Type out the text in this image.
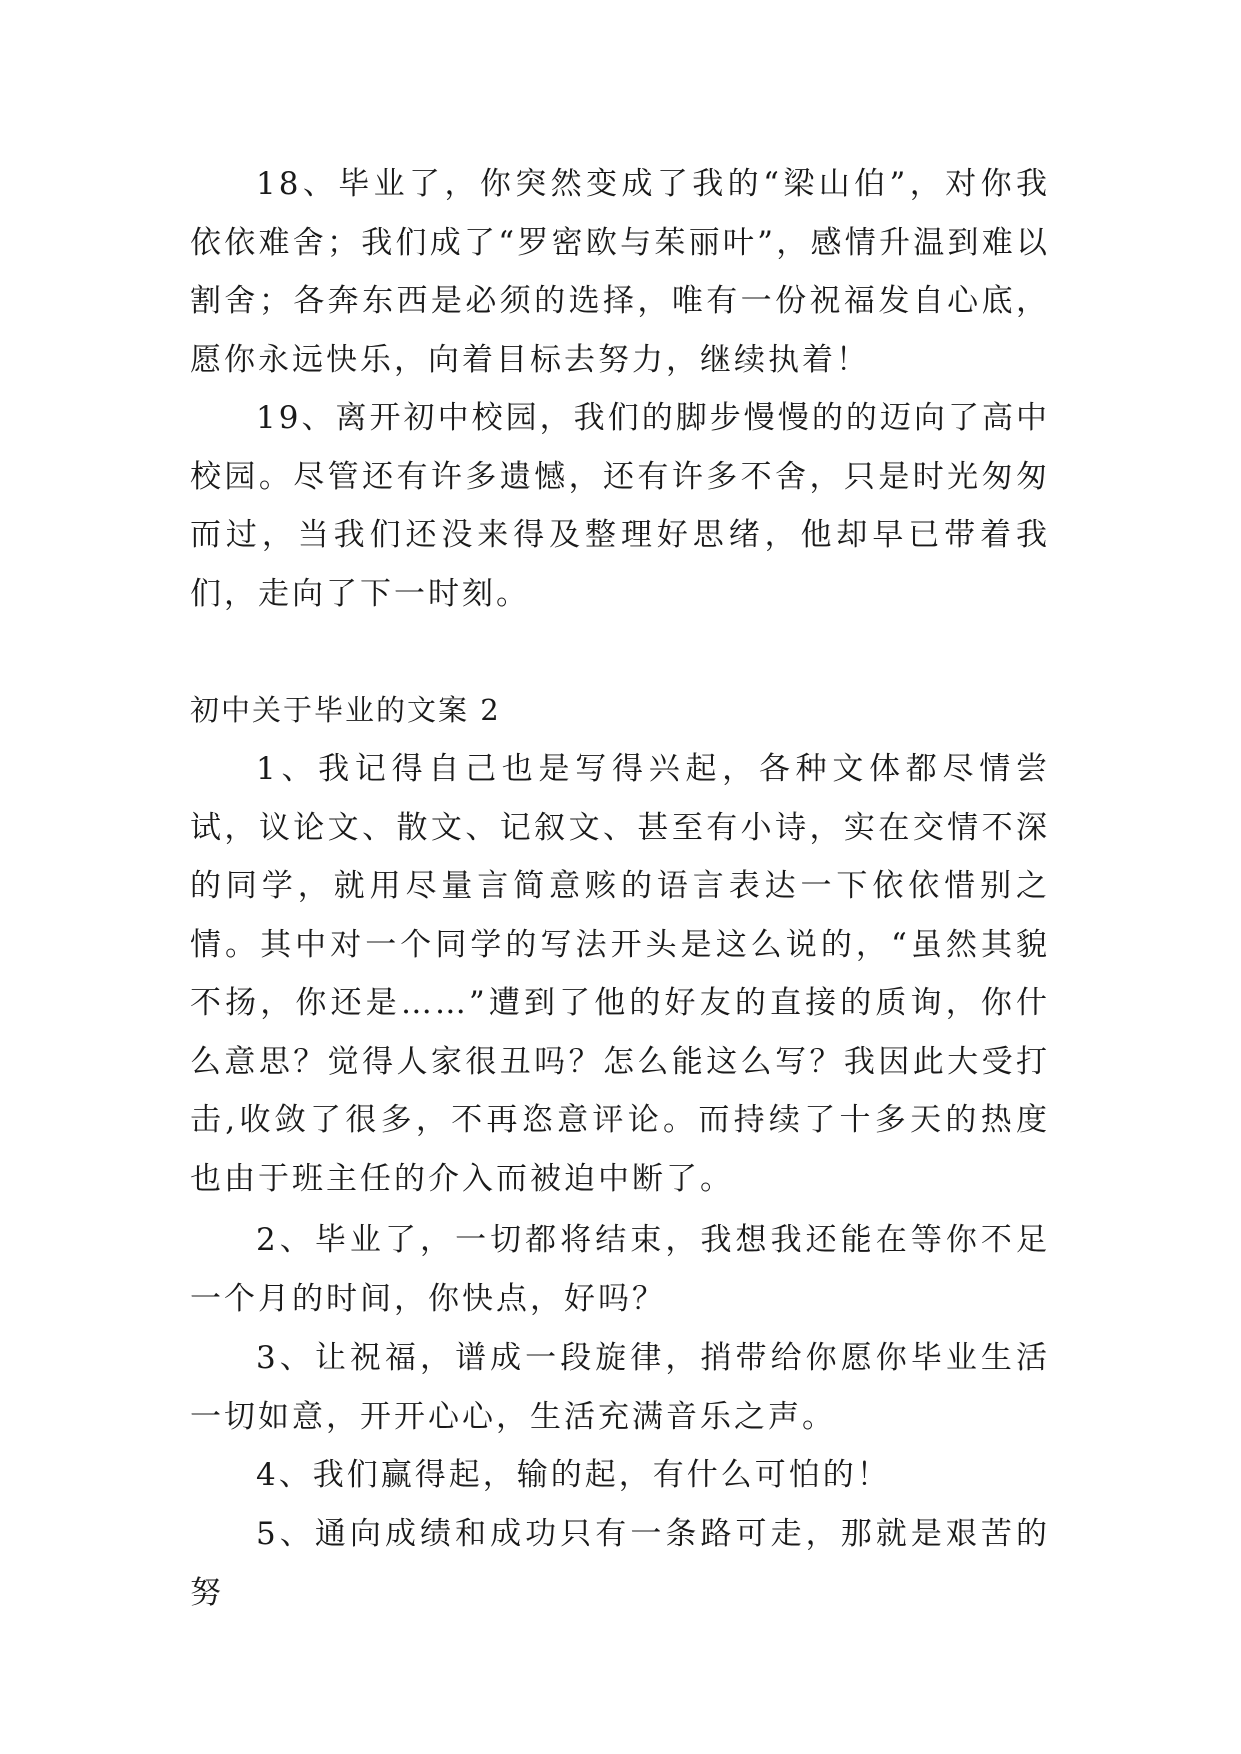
18、毕业了，你突然变成了我的“梁山伯”，对你我依依难舍；我们成了“罗密欧与茱丽叶”，感情升温到难以割舍；各奔东西是必须的选择，唯有一份祝福发自心底，愿你永远快乐，向着目标去努力，继续执着！

19、离开初中校园，我们的脚步慢慢的的迈向了高中校园。尽管还有许多遗憾，还有许多不舍，只是时光匆匆而过，当我们还没来得及整理好思绪，他却早已带着我们，走向了下一时刻。

初中关于毕业的文案 2

1、我记得自己也是写得兴起，各种文体都尽情尝试，议论文、散文、记叙文、甚至有小诗，实在交情不深的同学，就用尽量言简意赅的语言表达一下依依惜别之情。其中对一个同学的写法开头是这么说的，“虽然其貌不扬，你还是……”遭到了他的好友的直接的质询，你什么意思？觉得人家很丑吗？怎么能这么写？我因此大受打击,收敛了很多，不再恣意评论。而持续了十多天的热度也由于班主任的介入而被迫中断了。

2、毕业了，一切都将结束，我想我还能在等你不足一个月的时间，你快点，好吗？

3、让祝福，谱成一段旋律，捎带给你愿你毕业生活一切如意，开开心心，生活充满音乐之声。

4、我们赢得起，输的起，有什么可怕的！

5、通向成绩和成功只有一条路可走，那就是艰苦的努
